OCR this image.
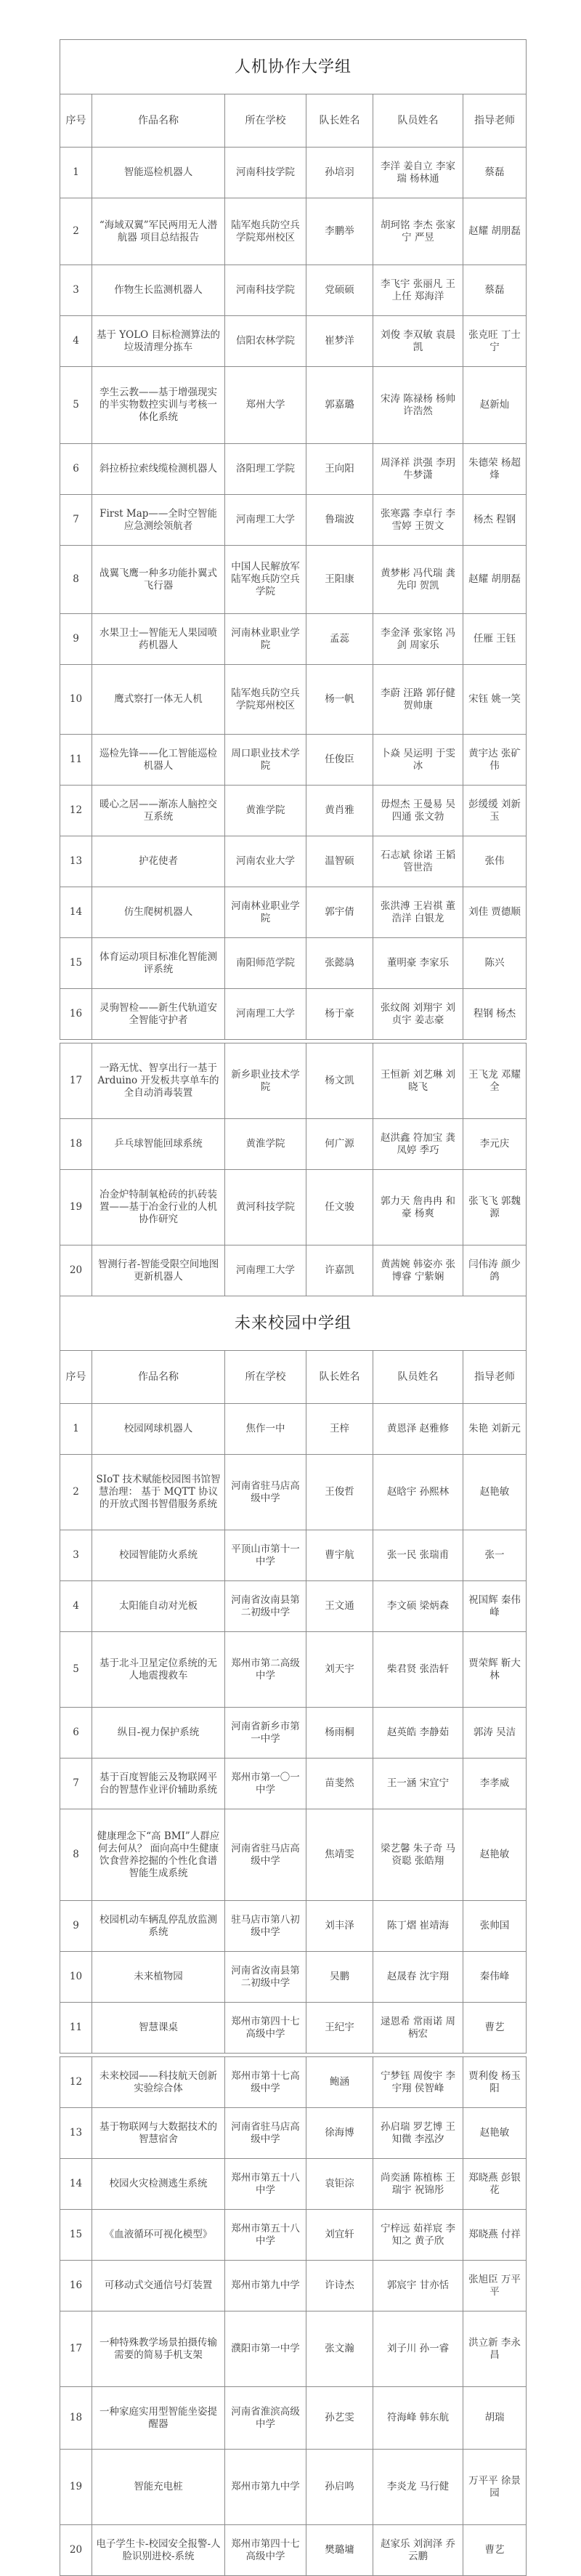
人机协作大学组					
序号	作品名称	所在学校	队长姓名	队员姓名	指导老师
1	智能巡检机器人	河南科技学院	孙培羽	李洋 姜自立 李家瑞 杨林通	蔡磊
2	“海域双翼”军民两用无人潜航器 项目总结报告	陆军炮兵防空兵学院郑州校区	李鹏举	胡珂铭 李杰 张家宁 严昱	赵耀 胡朋磊
3	作物生长监测机器人	河南科技学院	党硕硕	李飞宇 张丽凡 王上任 郑海洋	蔡磊
4	基于 YOLO 目标检测算法的垃圾清理分拣车	信阳农林学院	崔梦洋	刘俊 李双敏 袁晨凯	张克旺 丁士宁
5	孪生云教——基于增强现实的半实物数控实训与考核一体化系统	郑州大学	郭嘉璐	宋涛 陈禄杨 杨帅 许浩然	赵新灿
6	斜拉桥拉索线缆检测机器人	洛阳理工学院	王向阳	周泽祥 洪强 李玥 牛梦潇	朱德荣 杨超烽
7	First Map——全时空智能应急测绘领航者	河南理工大学	鲁瑞波	张寒露 李卓行 李雪婷 王贺文	杨杰 程钢
8	战翼飞鹰一种多功能扑翼式飞行器	中国人民解放军陆军炮兵防空兵学院	王阳康	黄梦彬 冯代瑞 龚先印 贺凯	赵耀 胡朋磊
9	水果卫士—智能无人果园喷药机器人	河南林业职业学院	孟蕊	李金泽 张家铭 冯剑 周家乐	任雁 王钰
10	鹰式察打一体无人机	陆军炮兵防空兵学院郑州校区	杨一帆	李蔚 汪路 郭仔健 贺帅康	宋钰 姚一笑
11	巡检先锋——化工智能巡检机器人	周口职业技术学院	任俊臣	卜焱 吴运明 于雯冰	黄宇达 张矿伟
12	暖心之居——渐冻人脑控交互系统	黄淮学院	黄肖雅	毋煜杰 王曼易 吴四通 张文勃	彭缓缓 刘新玉
13	护花使者	河南农业大学	温智硕	石志斌 徐诺 王韬 管世浩	张伟
14	仿生爬树机器人	河南林业职业学院	郭宇倩	张洪溥 王岩祺 董浩洋 白银龙	刘佳 贾德顺
15	体育运动项目标准化智能测评系统	南阳师范学院	张懿骉	董明豪 李家乐	陈兴
16	灵驹智检——新生代轨道安全智能守护者	河南理工大学	杨于豪	张纹阁 刘翔宇 刘贞宇 姜志豪	程钢 杨杰

17	一路无忧、智享出行一基于 Arduino 开发板共享单车的全自动消毒装置	新乡职业技术学院	杨文凯	王恒新 刘艺琳 刘晓飞	王飞龙 邓耀全
18	乒乓球智能回球系统	黄淮学院	何广源	赵洪鑫 符加宝 龚凤婷 季巧	李元庆
19	冶金炉特制氧枪砖的扒砖装置——基于冶金行业的人机协作研究	黄河科技学院	任文骏	郭力天 詹冉冉 和豪 杨爽	张飞飞 郭魏源
20	智测行者-智能受限空间地图更新机器人	河南理工大学	许嘉凯	黄茜婉 韩姿亦 张博睿 宁紫娴	闫伟涛 颜少鸽
未来校园中学组					
序号	作品名称	所在学校	队长姓名	队员姓名	指导老师
1	校园网球机器人	焦作一中	王梓	黄恩泽 赵雅修	朱艳 刘新元
2	SIoT 技术赋能校园图书馆智慧治理： 基于 MQTT 协议的开放式图书智借服务系统	河南省驻马店高级中学	王俊哲	赵晗宇 孙熙林	赵艳敏
3	校园智能防火系统	平顶山市第十一中学	曹宇航	张一民 张瑞甫	张一
4	太阳能自动对光板	河南省汝南县第二初级中学	王文通	李文硕 梁炳森	祝国辉 秦伟峰
5	基于北斗卫星定位系统的无人地震搜救车	郑州市第二高级中学	刘天宇	柴君贤 张浩轩	贾荣辉 靳大林
6	纵目-视力保护系统	河南省新乡市第一中学	杨雨桐	赵英皓 李静茹	郭涛 吴洁
7	基于百度智能云及物联网平台的智慧作业评价辅助系统	郑州市第一〇一中学	苗斐然	王一涵 宋宜宁	李孝威
8	健康理念下“高 BMI”人群应何去何从？ 面向高中生健康饮食营养挖掘的个性化食谱智能生成系统	河南省驻马店高级中学	焦靖雯	梁艺馨 朱子奇 马资聪 张皓翔	赵艳敏
9	校园机动车辆乱停乱放监测系统	驻马店市第八初级中学	刘丰泽	陈丁熠 崔靖海	张帅国
10	未来植物园	河南省汝南县第二初级中学	吴鹏	赵晟春 沈宇翔	秦伟峰
11	智慧课桌	郑州市第四十七高级中学	王纪宇	逯恩希 常雨诺 周柄宏	曹艺

12	未来校园——科技航天创新实验综合体	郑州市第十七高级中学	鲍涵	宁梦钰 周俊宇 李宇翔 侯智峰	贾利俊 杨玉阳
13	基于物联网与大数据技术的智慧宿舍	河南省驻马店高级中学	徐海博	孙启瑞 罗艺博 王知微 李泓汐	赵艳敏
14	校园火灾检测逃生系统	郑州市第五十八中学	袁钜淙	尚奕涵 陈植栋 王瑞宇 祝锦彤	郑晓燕 彭银花
15	《血液循环可视化模型》	郑州市第五十八中学	刘宜轩	宁梓远 茹祥宸 李知之 黄子欣	郑晓燕 付祥
16	可移动式交通信号灯装置	郑州市第九中学	许诗杰	郭宸宇 甘亦恬	张旭臣 万平平
17	一种特殊教学场景拍摄传输需要的简易手机支架	濮阳市第一中学	张文瀚	刘子川 孙一睿	洪立新 李永昌
18	一种家庭实用型智能坐姿提醒器	河南省淮滨高级中学	孙艺雯	符海峰 韩东航	胡瑞
19	智能充电桩	郑州市第九中学	孙启鸣	李炎龙 马行健	万平平 徐景园
20	电子学生卡-校园安全报警-人脸识别进校-系统	郑州市第四十七高级中学	樊璐墉	赵家乐 刘润泽 乔云鹏	曹艺
